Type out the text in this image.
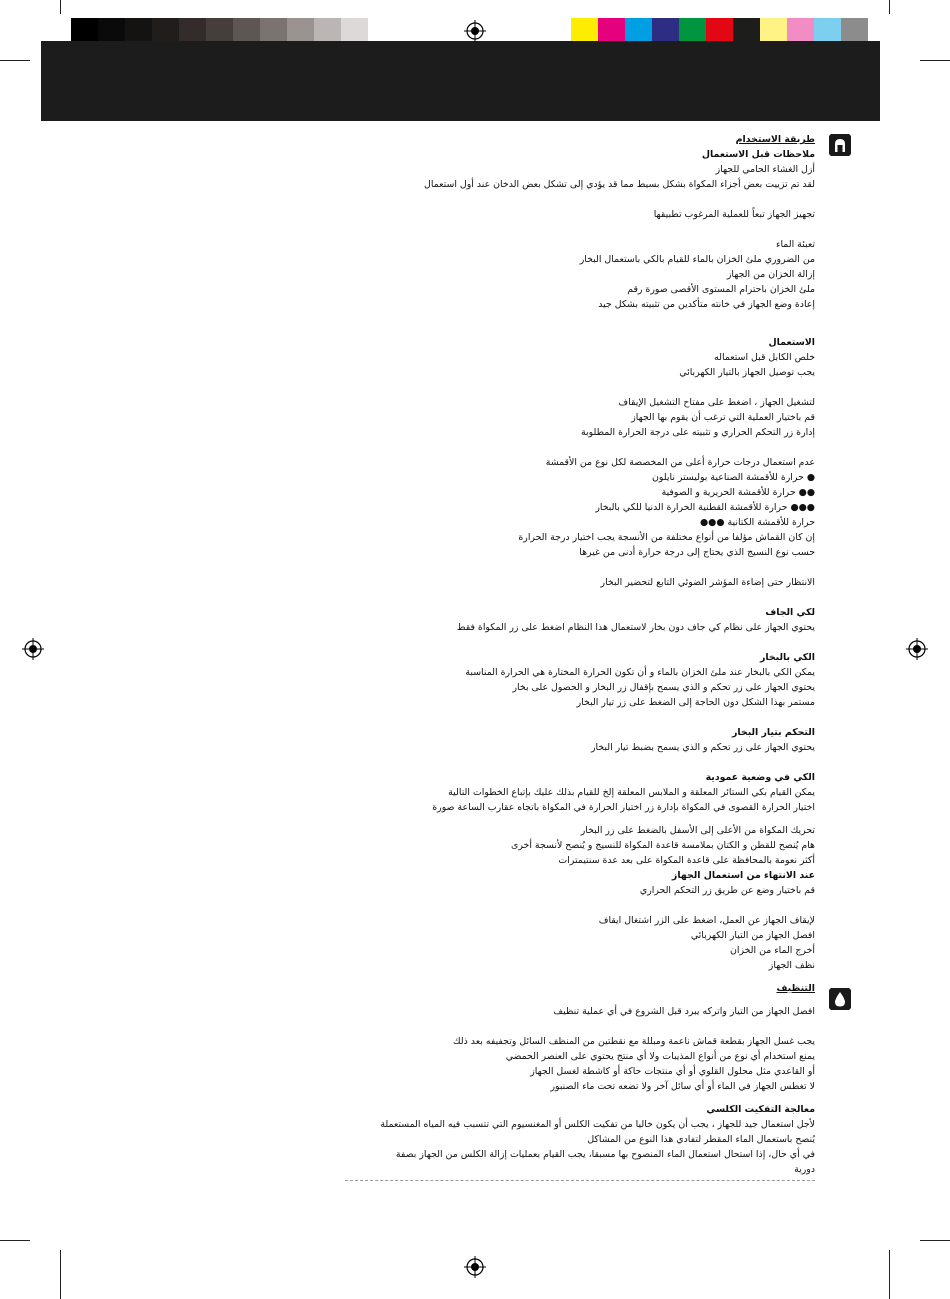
طريقة الاستخدام
ملاحظات قبل الاستعمال
أزل الغشاء الحامي للجهاز
لقد تم تزييت بعض أجزاء المكواة بشكل بسيط مما قد يؤدي إلى تشكل بعض الدخان عند أول استعمال
تجهيز الجهاز تبعاً للعملية المرغوب تطبيقها
تعبئة الماء
من الضروري ملئ الخزان بالماء للقيام بالكي باستعمال البخار
إزالة الخزان من الجهاز
ملئ الخزان باحترام المستوى الأقصى صورة رقم
إعادة وضع الجهاز في خانته متأكدين من تثبيته بشكل جيد
الاستعمال
خلص الكابل قبل استعماله
يجب توصيل الجهاز بالتيار الكهربائي
لتشغيل الجهاز ، اضغط على مفتاح التشغيل الإيقاف
قم باختيار العملية التي ترغب أن يقوم بها الجهاز
إدارة زر التحكم الحراري و تثبيته على درجة الحرارة المطلوبة
عدم استعمال درجات حرارة أعلى من المخصصة لكل نوع من الأقمشة
● حرارة للأقمشة الصناعية بوليستر نايلون
●● حرارة للأقمشة الحريرية و الصوفية
●●● حرارة للأقمشة القطنية الحرارة الدنيا للكي بالبخار
حرارة للأقمشة الكتانية ●●●
إن كان القماش مؤلفا من أنواع مختلفة من الأنسجة يجب اختيار درجة الحرارة
حسب نوع النسيج الذي يحتاج إلى درجة حرارة أدنى من غيرها
الانتظار حتى إضاءة المؤشر الضوئي التابع لتحضير البخار
لكي الجاف
يحتوي الجهاز على نظام كي جاف دون بخار لاستعمال هذا النظام اضغط على زر المكواة فقط
الكي بالبخار
يمكن الكي بالبخار عند ملئ الخزان بالماء و أن تكون الحرارة المختارة هي الحرارة المناسبة
يحتوي الجهاز على زر تحكم و الذي يسمح بإقفال زر البخار و الحصول على بخار
مستمر بهذا الشكل دون الحاجة إلى الضغط على زر تيار البخار
التحكم بتيار البخار
يحتوي الجهاز على زر تحكم و الذي يسمح بضبط تيار البخار
الكي في وضعية عمودية
يمكن القيام بكي الستائر المعلقة و الملابس المعلقة إلخ للقيام بذلك عليك بإتباع الخطوات التالية
اختيار الحرارة القصوى في المكواة بإدارة زر اختيار الحرارة في المكواة باتجاه عقارب الساعة صورة
تحريك المكواة من الأعلى إلى الأسفل بالضغط على زر البخار
هام يُنصح للقطن و الكتان بملامسة قاعدة المكواة للنسيج و يُنصح لأنسجة أخرى
أكثر نعومة بالمحافظة على قاعدة المكواة على بعد عدة سنتيمترات
عند الانتهاء من استعمال الجهاز
قم باختيار وضع عن طريق زر التحكم الحراري
لإيقاف الجهاز عن العمل، اضغط على الزر اشتغال ايقاف
افصل الجهاز من التيار الكهربائي
أخرج الماء من الخزان
نظف الجهاز
التنظيف
افصل الجهاز من التيار واتركه يبرد قبل الشروع في أي عملية تنظيف
يجب غسل الجهاز بقطعة قماش ناعمة ومبللة مع نقطتين من المنظف السائل وتجفيفه بعد ذلك
يمنع استخدام أي نوع من أنواع المذيبات ولا أي منتج يحتوي على العنصر الحمضي
أو القاعدي مثل محلول القلوي أو أي منتجات حاكة أو كاشطة لغسل الجهاز
لا تغطس الجهاز في الماء أو أي سائل آخر ولا تضعه تحت ماء الصنبور
معالجة التفكيت الكلسي
لأجل استعمال جيد للجهاز ، يجب أن يكون خاليا من تفكيت الكلس أو المغنسيوم التي تتسبب فيه المياه المستعملة
يُنصح باستعمال الماء المقطر لتفادي هذا النوع من المشاكل
في أي حال، إذا استحال استعمال الماء المنصوح بها مسبقا، يجب القيام بعمليات إزالة الكلس من الجهاز بصفة
دورية
